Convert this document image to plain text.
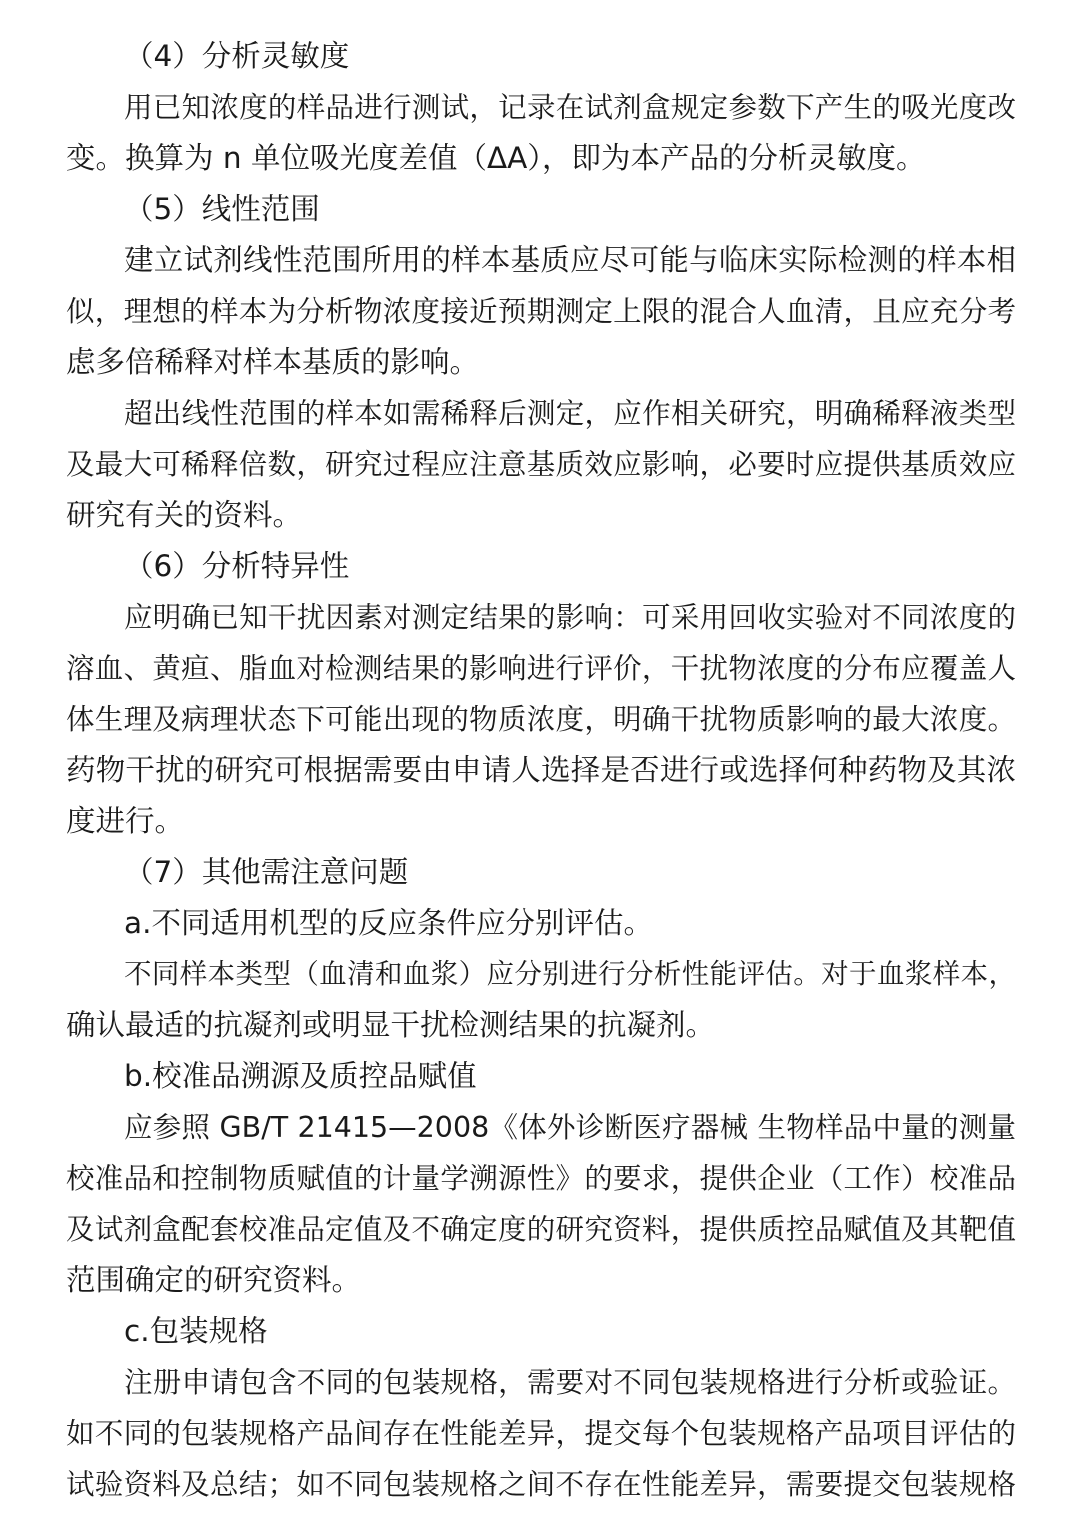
（4）分析灵敏度
用已知浓度的样品进行测试，记录在试剂盒规定参数下产生的吸光度改
变。换算为 n 单位吸光度差值（ΔA），即为本产品的分析灵敏度。
（5）线性范围
建立试剂线性范围所用的样本基质应尽可能与临床实际检测的样本相
似，理想的样本为分析物浓度接近预期测定上限的混合人血清，且应充分考
虑多倍稀释对样本基质的影响。
超出线性范围的样本如需稀释后测定，应作相关研究，明确稀释液类型
及最大可稀释倍数，研究过程应注意基质效应影响，必要时应提供基质效应
研究有关的资料。
（6）分析特异性
应明确已知干扰因素对测定结果的影响：可采用回收实验对不同浓度的
溶血、黄疸、脂血对检测结果的影响进行评价，干扰物浓度的分布应覆盖人
体生理及病理状态下可能出现的物质浓度，明确干扰物质影响的最大浓度。
药物干扰的研究可根据需要由申请人选择是否进行或选择何种药物及其浓
度进行。
（7）其他需注意问题
a.不同适用机型的反应条件应分别评估。
不同样本类型（血清和血浆）应分别进行分析性能评估。对于血浆样本，
确认最适的抗凝剂或明显干扰检测结果的抗凝剂。
b.校准品溯源及质控品赋值
应参照 GB/T 21415—2008《体外诊断医疗器械 生物样品中量的测量
校准品和控制物质赋值的计量学溯源性》的要求，提供企业（工作）校准品
及试剂盒配套校准品定值及不确定度的研究资料，提供质控品赋值及其靶值
范围确定的研究资料。
c.包装规格
注册申请包含不同的包装规格，需要对不同包装规格进行分析或验证。
如不同的包装规格产品间存在性能差异，提交每个包装规格产品项目评估的
试验资料及总结；如不同包装规格之间不存在性能差异，需要提交包装规格
